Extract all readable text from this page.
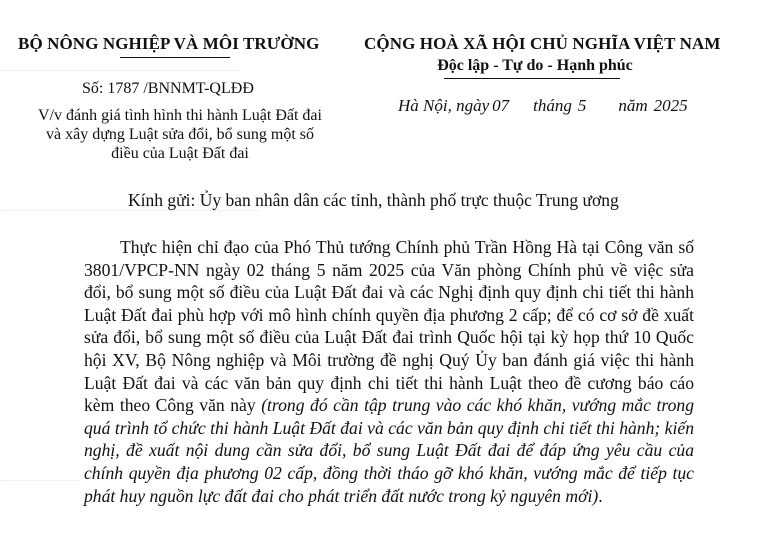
BỘ NÔNG NGHIỆP VÀ MÔI TRƯỜNG	CỘNG HOÀ XÃ HỘI CHỦ NGHĨA VIỆT NAM
Độc lập - Tự do - Hạnh phúc
Số: 1787 /BNNMT-QLĐĐ
V/v đánh giá tình hình thi hành Luật Đất đai
và xây dựng Luật sửa đổi, bổ sung một số
điều của Luật Đất đai
Hà Nội, ngày 07 tháng 5 năm 2025
Kính gửi: Ủy ban nhân dân các tỉnh, thành phố trực thuộc Trung ương
Thực hiện chỉ đạo của Phó Thủ tướng Chính phủ Trần Hồng Hà tại Công văn số 3801/VPCP-NN ngày 02 tháng 5 năm 2025 của Văn phòng Chính phủ về việc sửa đổi, bổ sung một số điều của Luật Đất đai và các Nghị định quy định chi tiết thi hành Luật Đất đai phù hợp với mô hình chính quyền địa phương 2 cấp; để có cơ sở đề xuất sửa đổi, bổ sung một số điều của Luật Đất đai trình Quốc hội tại kỳ họp thứ 10 Quốc hội XV, Bộ Nông nghiệp và Môi trường đề nghị Quý Ủy ban đánh giá việc thi hành Luật Đất đai và các văn bản quy định chi tiết thi hành Luật theo đề cương báo cáo kèm theo Công văn này (trong đó cần tập trung vào các khó khăn, vướng mắc trong quá trình tổ chức thi hành Luật Đất đai và các văn bản quy định chi tiết thi hành; kiến nghị, đề xuất nội dung cần sửa đổi, bổ sung Luật Đất đai để đáp ứng yêu cầu của chính quyền địa phương 02 cấp, đồng thời tháo gỡ khó khăn, vướng mắc để tiếp tục phát huy nguồn lực đất đai cho phát triển đất nước trong kỷ nguyên mới).
